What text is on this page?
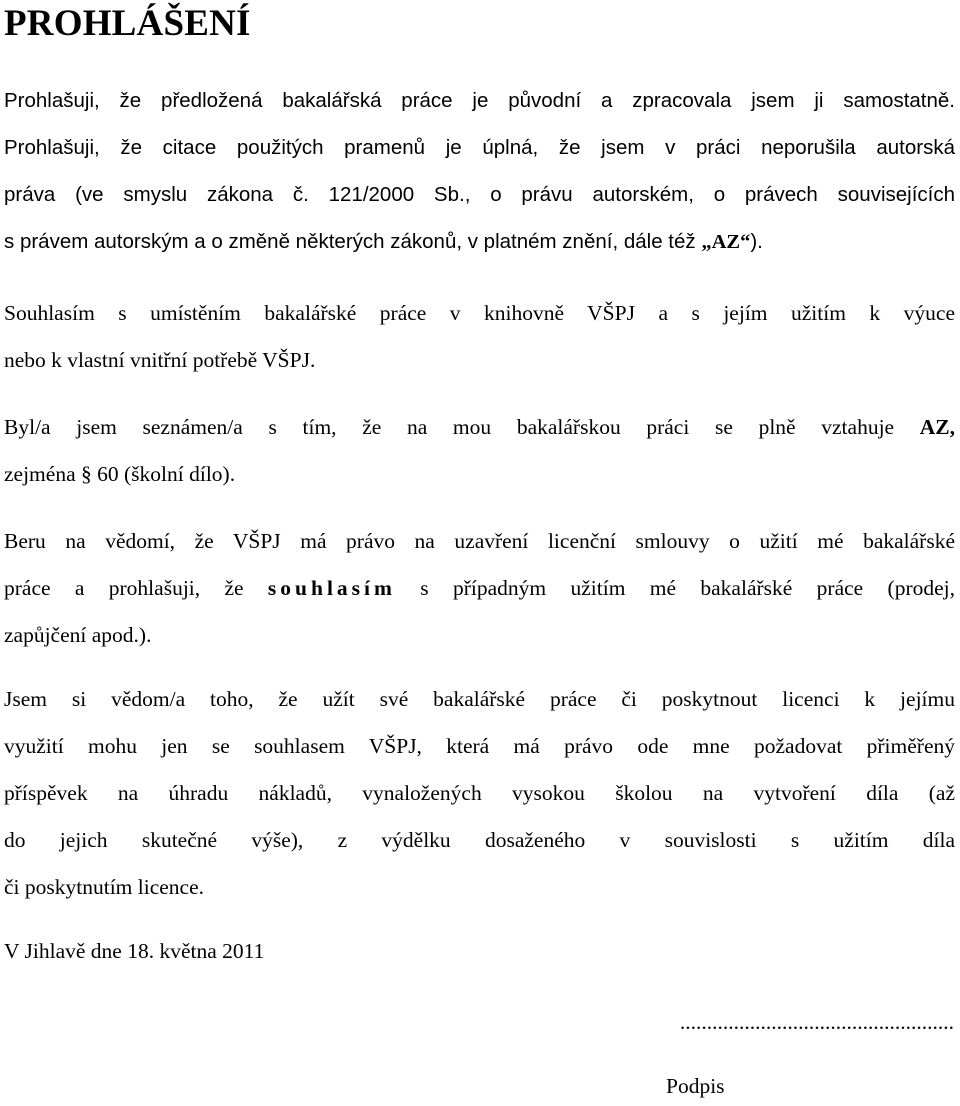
PROHLÁŠENÍ
Prohlašuji, že předložená bakalářská práce je původní a zpracovala jsem ji samostatně.
Prohlašuji, že citace použitých pramenů je úplná, že jsem v práci neporušila autorská
práva (ve smyslu zákona č. 121/2000 Sb., o právu autorském, o právech souvisejících
s právem autorským a o změně některých zákonů, v platném znění, dále též „AZ“).
Souhlasím s umístěním bakalářské práce v knihovně VŠPJ a s jejím užitím k výuce
nebo k vlastní vnitřní potřebě VŠPJ.
Byl/a jsem seznámen/a s tím, že na mou bakalářskou práci se plně vztahuje AZ,
zejména § 60 (školní dílo).
Beru na vědomí, že VŠPJ má právo na uzavření licenční smlouvy o užití mé bakalářské
práce a prohlašuji, že souhlasím s případným užitím mé bakalářské práce (prodej,
zapůjčení apod.).
Jsem si vědom/a toho, že užít své bakalářské práce či poskytnout licenci k jejímu
využití mohu jen se souhlasem VŠPJ, která má právo ode mne požadovat přiměřený
příspěvek na úhradu nákladů, vynaložených vysokou školou na vytvoření díla (až
do jejich skutečné výše), z výdělku dosaženého v souvislosti s užitím díla
či poskytnutím licence.

V Jihlavě dne 18. května 2011

...................................................

Podpis
